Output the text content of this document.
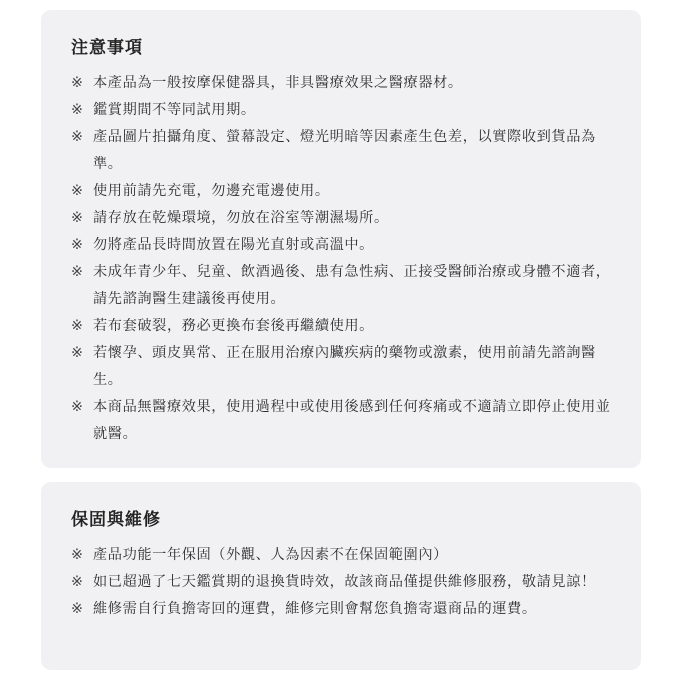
注意事項
※ 本產品為一般按摩保健器具，非具醫療效果之醫療器材。
※ 鑑賞期間不等同試用期。
※ 產品圖片拍攝角度、螢幕設定、燈光明暗等因素產生色差，以實際收到貨品為準。
※ 使用前請先充電，勿邊充電邊使用。
※ 請存放在乾燥環境，勿放在浴室等潮濕場所。
※ 勿將產品長時間放置在陽光直射或高溫中。
※ 未成年青少年、兒童、飲酒過後、患有急性病、正接受醫師治療或身體不適者，請先諮詢醫生建議後再使用。
※ 若布套破裂，務必更換布套後再繼續使用。
※ 若懷孕、頭皮異常、正在服用治療內臟疾病的藥物或激素，使用前請先諮詢醫生。
※ 本商品無醫療效果，使用過程中或使用後感到任何疼痛或不適請立即停止使用並就醫。
保固與維修
※ 產品功能一年保固（外觀、人為因素不在保固範圍內）
※ 如已超過了七天鑑賞期的退換貨時效，故該商品僅提供維修服務，敬請見諒！
※ 維修需自行負擔寄回的運費，維修完則會幫您負擔寄還商品的運費。
